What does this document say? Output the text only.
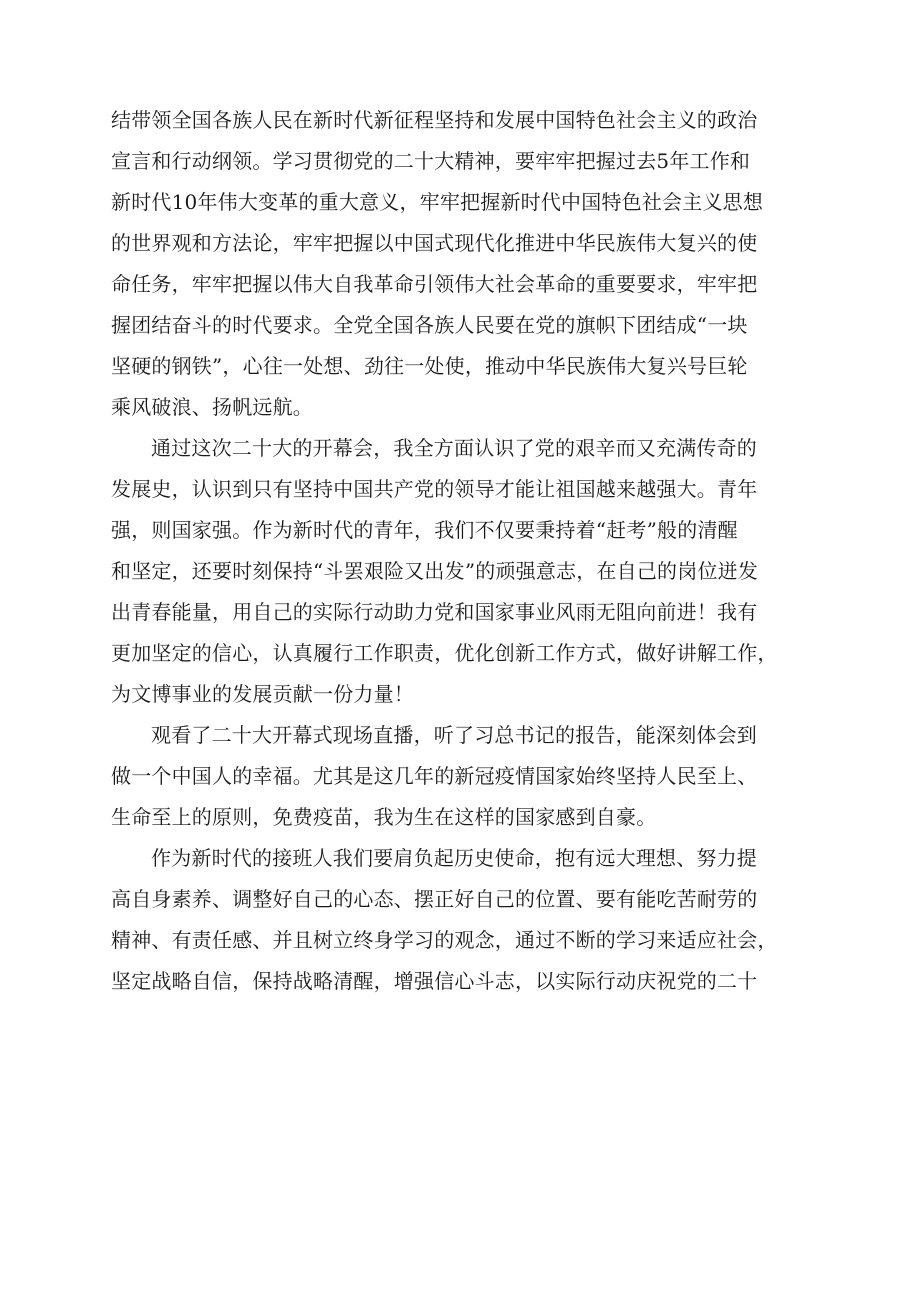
结带领全国各族人民在新时代新征程坚持和发展中国特色社会主义的政治
宣言和行动纲领。学习贯彻党的二十大精神，要牢牢把握过去5年工作和
新时代10年伟大变革的重大意义，牢牢把握新时代中国特色社会主义思想
的世界观和方法论，牢牢把握以中国式现代化推进中华民族伟大复兴的使
命任务，牢牢把握以伟大自我革命引领伟大社会革命的重要要求，牢牢把
握团结奋斗的时代要求。全党全国各族人民要在党的旗帜下团结成“一块
坚硬的钢铁”，心往一处想、劲往一处使，推动中华民族伟大复兴号巨轮
乘风破浪、扬帆远航。

通过这次二十大的开幕会，我全方面认识了党的艰辛而又充满传奇的
发展史，认识到只有坚持中国共产党的领导才能让祖国越来越强大。青年
强，则国家强。作为新时代的青年，我们不仅要秉持着“赶考”般的清醒
和坚定，还要时刻保持“斗罢艰险又出发”的顽强意志，在自己的岗位迸发
出青春能量，用自己的实际行动助力党和国家事业风雨无阻向前进！我有
更加坚定的信心，认真履行工作职责，优化创新工作方式，做好讲解工作，
为文博事业的发展贡献一份力量！

观看了二十大开幕式现场直播，听了习总书记的报告，能深刻体会到
做一个中国人的幸福。尤其是这几年的新冠疫情国家始终坚持人民至上、
生命至上的原则，免费疫苗，我为生在这样的国家感到自豪。

作为新时代的接班人我们要肩负起历史使命，抱有远大理想、努力提
高自身素养、调整好自己的心态、摆正好自己的位置、要有能吃苦耐劳的
精神、有责任感、并且树立终身学习的观念，通过不断的学习来适应社会，
坚定战略自信，保持战略清醒，增强信心斗志，以实际行动庆祝党的二十
